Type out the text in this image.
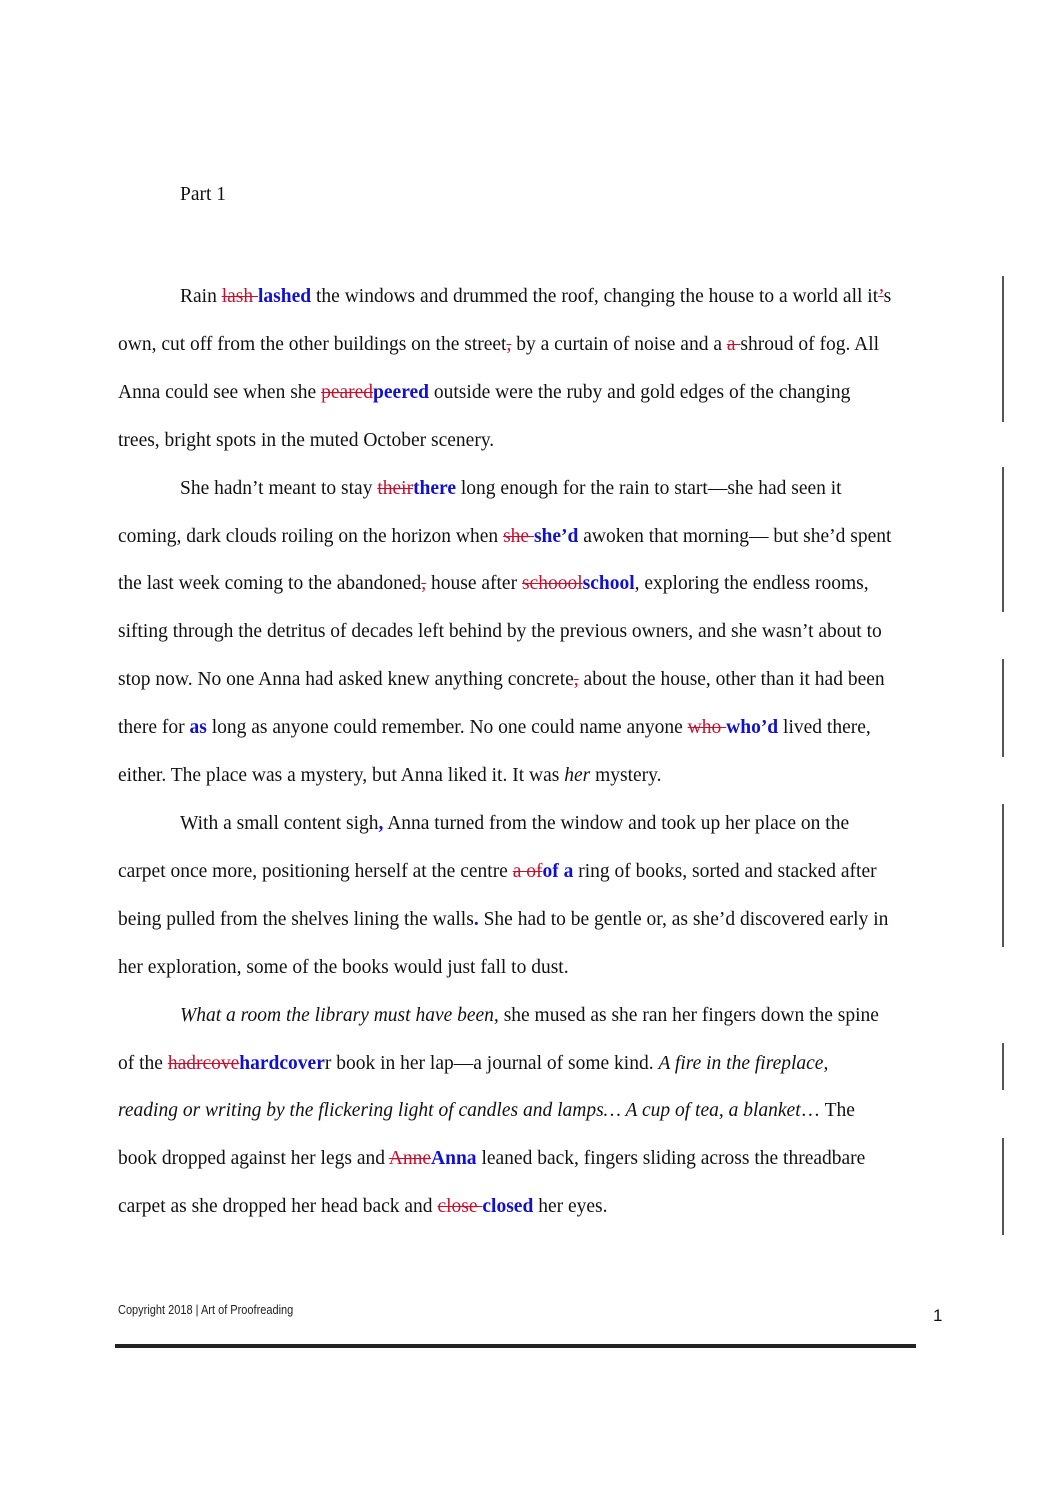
Part 1
Rain lash lashed the windows and drummed the roof, changing the house to a world all it’s
own, cut off from the other buildings on the street, by a curtain of noise and a a shroud of fog. All
Anna could see when she pearedpeered outside were the ruby and gold edges of the changing
trees, bright spots in the muted October scenery.
She hadn’t meant to stay theirthere long enough for the rain to start—she had seen it
coming, dark clouds roiling on the horizon when she she’d awoken that morning— but she’d spent
the last week coming to the abandoned, house after schooolschool, exploring the endless rooms,
sifting through the detritus of decades left behind by the previous owners, and she wasn’t about to
stop now. No one Anna had asked knew anything concrete, about the house, other than it had been
there for as long as anyone could remember. No one could name anyone who who’d lived there,
either. The place was a mystery, but Anna liked it. It was her mystery.
With a small content sigh, Anna turned from the window and took up her place on the
carpet once more, positioning herself at the centre a ofof a ring of books, sorted and stacked after
being pulled from the shelves lining the walls. She had to be gentle or, as she’d discovered early in
her exploration, some of the books would just fall to dust.
What a room the library must have been, she mused as she ran her fingers down the spine
of the hadrcovehardcoverr book in her lap—a journal of some kind. A fire in the fireplace,
reading or writing by the flickering light of candles and lamps… A cup of tea, a blanket… The
book dropped against her legs and AnneAnna leaned back, fingers sliding across the threadbare
carpet as she dropped her head back and close closed her eyes.
Copyright 2018 | Art of Proofreading	1
